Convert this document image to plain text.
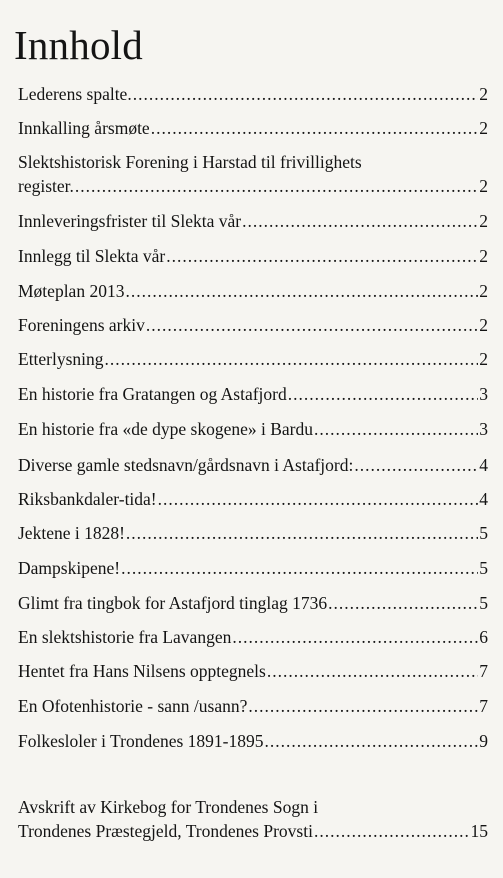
Innhold
Lederens spalte. .....	2
Innkalling årsmøte .....	2
Slektshistorisk Forening i Harstad til frivillighets
register. .....	2
Innleveringsfrister til Slekta vår .....	2
Innlegg til Slekta vår .....	2
Møteplan 2013 .....	2
Foreningens arkiv .....	2
Etterlysning .....	2
En historie fra Gratangen og Astafjord .....	3
En historie fra «de dype skogene» i Bardu .....	3
Diverse gamle stedsnavn/gårdsnavn i Astafjord: .....	4
Riksbankdaler-tida! .....	4
Jektene i 1828! .....	5
Dampskipene! .....	5
Glimt fra tingbok for Astafjord tinglag 1736 .....	5
En slektshistorie fra Lavangen .....	6
Hentet fra Hans Nilsens opptegnels .....	7
En Ofotenhistorie - sann /usann? .....	7
Folkesloler i Trondenes 1891-1895 .....	9
Avskrift av Kirkebog for Trondenes Sogn i
Trondenes Præstegjeld, Trondenes Provsti .....	15
